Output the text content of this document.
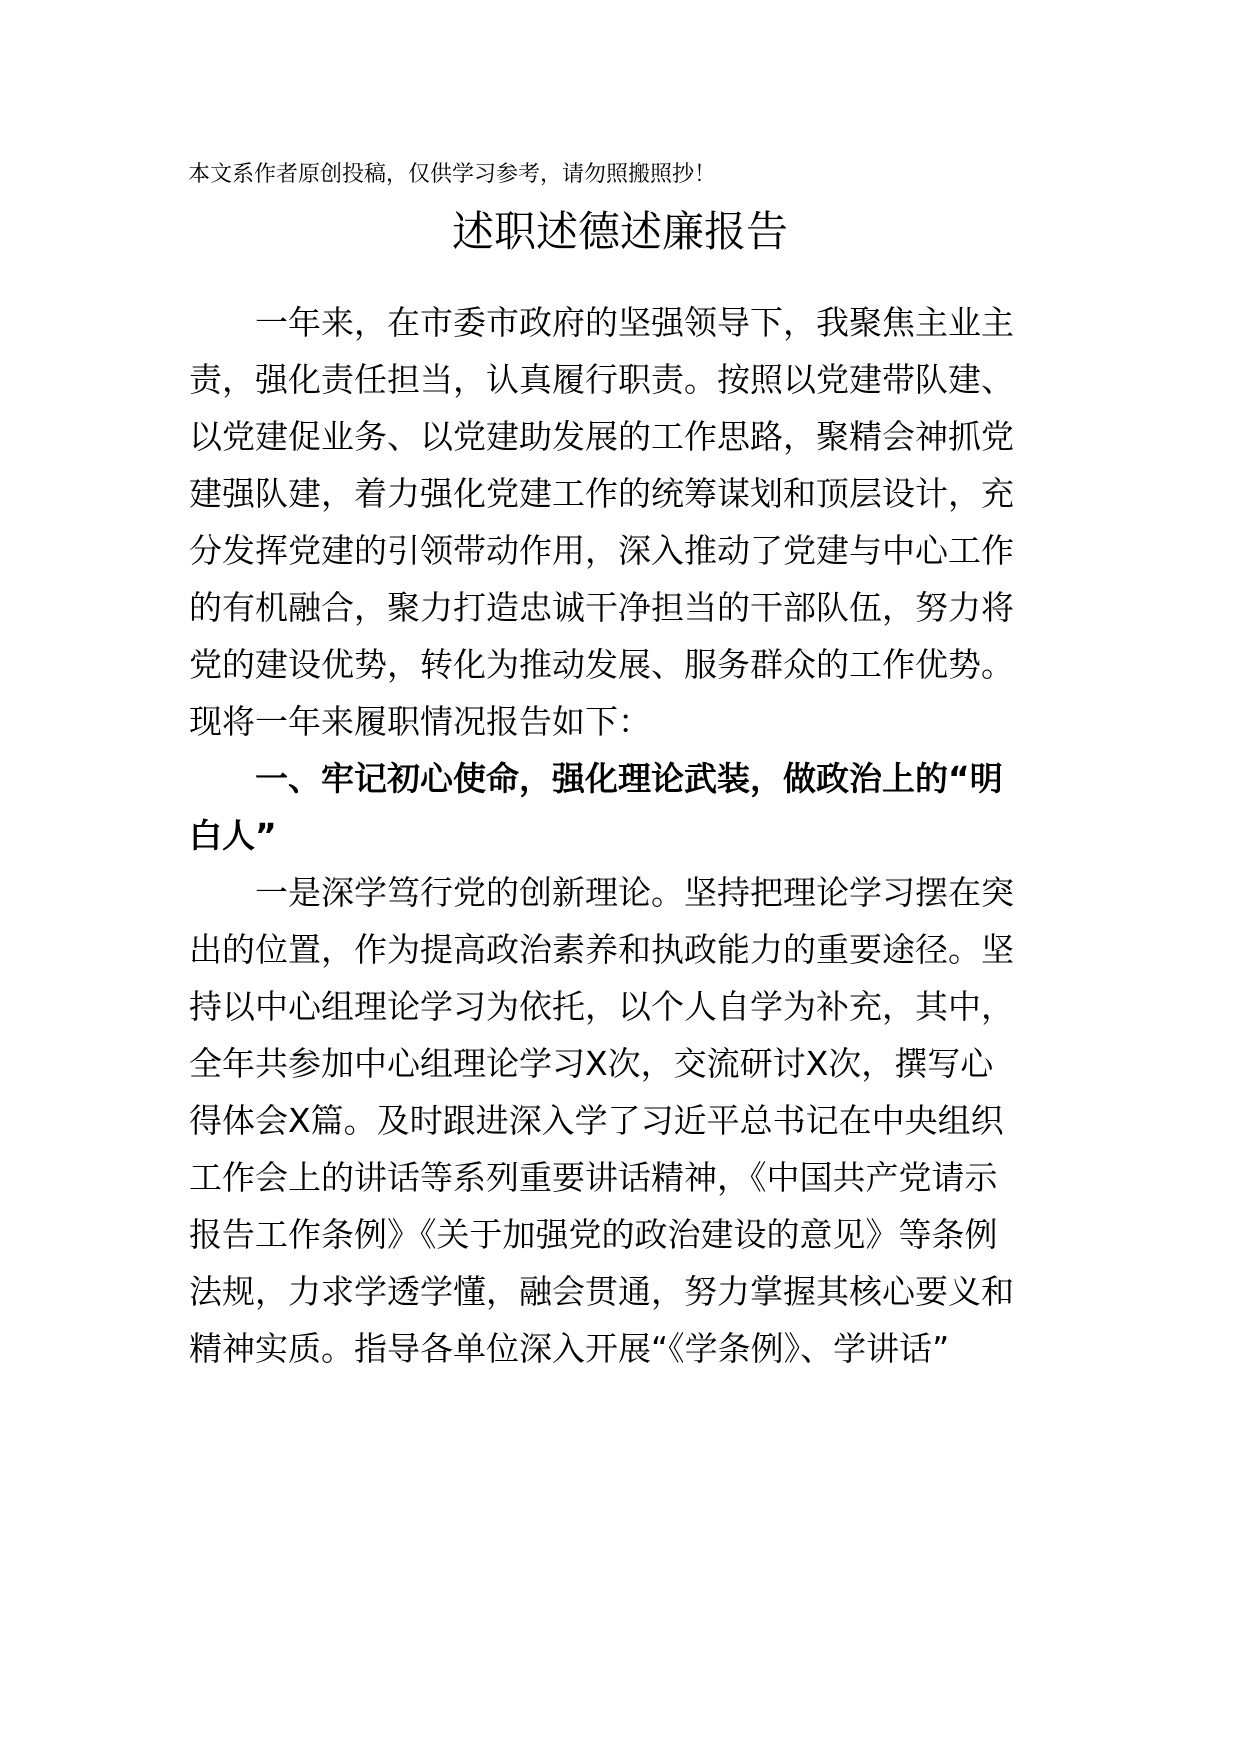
本文系作者原创投稿，仅供学习参考，请勿照搬照抄！
述职述德述廉报告
一年来，在市委市政府的坚强领导下，我聚焦主业主
责，强化责任担当，认真履行职责。按照以党建带队建、
以党建促业务、以党建助发展的工作思路，聚精会神抓党
建强队建，着力强化党建工作的统筹谋划和顶层设计，充
分发挥党建的引领带动作用，深入推动了党建与中心工作
的有机融合，聚力打造忠诚干净担当的干部队伍，努力将
党的建设优势，转化为推动发展、服务群众的工作优势。
现将一年来履职情况报告如下：
一、牢记初心使命，强化理论武装，做政治上的“明
白人”
一是深学笃行党的创新理论。坚持把理论学习摆在突
出的位置，作为提高政治素养和执政能力的重要途径。坚
持以中心组理论学习为依托，以个人自学为补充，其中，
全年共参加中心组理论学习X次，交流研讨X次，撰写心
得体会X篇。及时跟进深入学了习近平总书记在中央组织
工作会上的讲话等系列重要讲话精神，《中国共产党请示
报告工作条例》《关于加强党的政治建设的意见》等条例
法规，力求学透学懂，融会贯通，努力掌握其核心要义和
精神实质。指导各单位深入开展“《学条例》、学讲话”
